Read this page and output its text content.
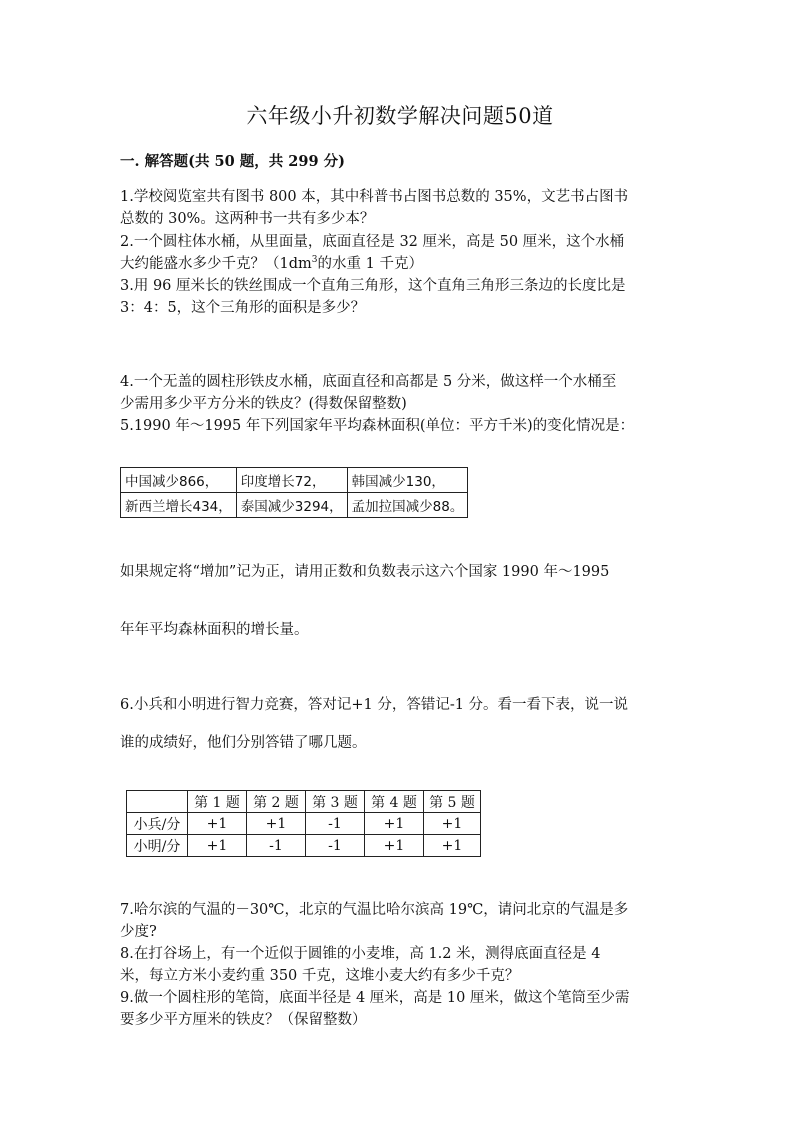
六年级小升初数学解决问题50道
一. 解答题(共 50 题，共 299 分)
1.学校阅览室共有图书 800 本，其中科普书占图书总数的 35%，文艺书占图书
总数的 30%。这两种书一共有多少本？
2.一个圆柱体水桶，从里面量，底面直径是 32 厘米，高是 50 厘米，这个水桶
大约能盛水多少千克？（$1dm^3$的水重 1 千克）
3.用 96 厘米长的铁丝围成一个直角三角形，这个直角三角形三条边的长度比是
3：4：5，这个三角形的面积是多少？
4.一个无盖的圆柱形铁皮水桶，底面直径和高都是 5 分米，做这样一个水桶至
少需用多少平方分米的铁皮？(得数保留整数)
5.1990 年～1995 年下列国家年平均森林面积(单位：平方千米)的变化情况是：
中国减少866，	印度增长72，	韩国减少130，
新西兰增长434，	泰国减少3294，	孟加拉国减少88。
如果规定将“增加”记为正，请用正数和负数表示这六个国家 1990 年～1995
年年平均森林面积的增长量。
6.小兵和小明进行智力竞赛，答对记+1 分，答错记-1 分。看一看下表，说一说
谁的成绩好，他们分别答错了哪几题。
	第 1 题	第 2 题	第 3 题	第 4 题	第 5 题
小兵/分	+1	+1	-1	+1	+1
小明/分	+1	-1	-1	+1	+1
7.哈尔滨的气温的－30℃，北京的气温比哈尔滨高 19℃，请问北京的气温是多
少度?
8.在打谷场上，有一个近似于圆锥的小麦堆，高 1.2 米，测得底面直径是 4
米，每立方米小麦约重 350 千克，这堆小麦大约有多少千克？
9.做一个圆柱形的笔筒，底面半径是 4 厘米，高是 10 厘米，做这个笔筒至少需
要多少平方厘米的铁皮？（保留整数）
